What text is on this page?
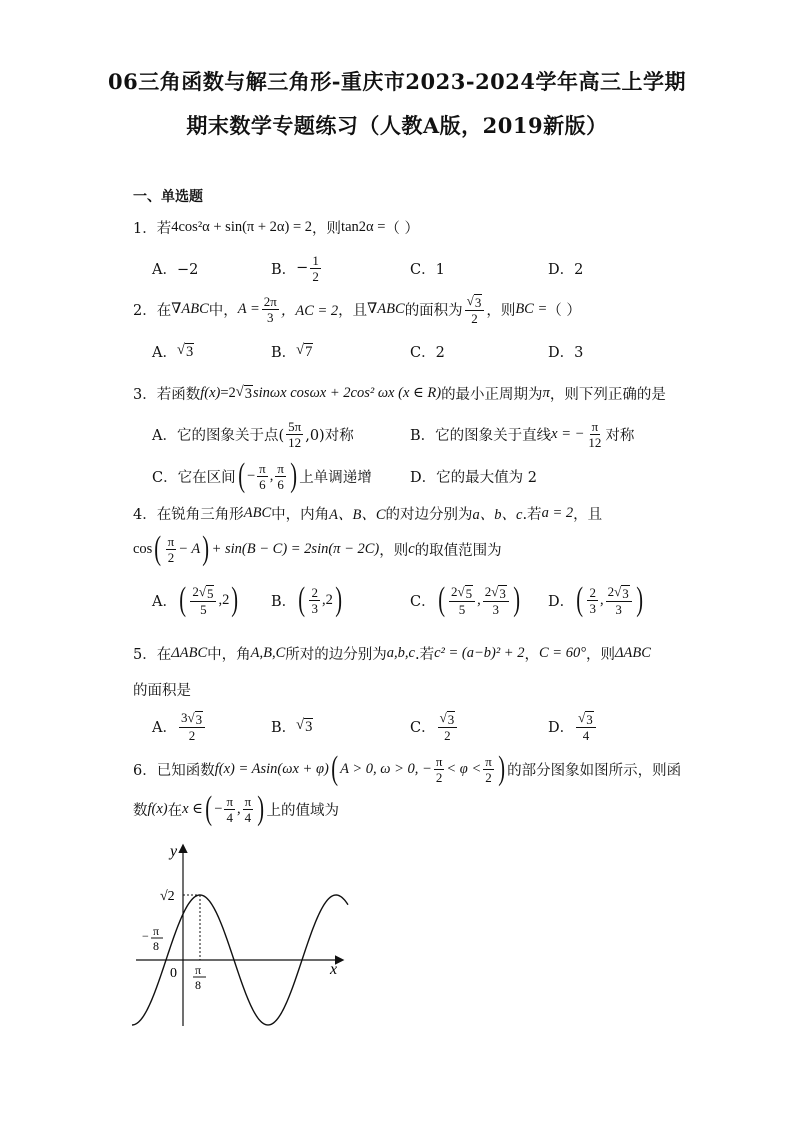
06三角函数与解三角形-重庆市2023-2024学年高三上学期
期末数学专题练习（人教A版，2019新版）
一、单选题
1．若 4cos²α + sin(π + 2α) = 2 ，则 tan2α = （ ）
A．−2	B． − $\frac{1}{2}$	C．1	D．2
2．在 ∇ABC 中， $A = \frac{2\pi}{3}$ ，AC = 2 ，且 ∇ABC 的面积为 $\frac{√ 3}{2}$ ，则 BC = （ ）
A． √ 3	B． √ 7	C．2	D．3
3．若函数 f(x) =2 √ 3 sinωx cosωx + 2cos² ωx (x ∈ R) 的最小正周期为 π ，则下列正确的是
A．它的图象关于点( $\frac{5\pi}{12} ,0$)对称	B．它的图象关于直线 x = − $\frac{\pi}{12}$ 对称
C．它在区间 ( − $\frac{\pi}{6}$ , $\frac{\pi}{6}$ ) 上单调递增	D．它的最大值为 2
4．在锐角三角形 ABC 中，内角 A、B、C 的对边分别为 a、b、c .若 a = 2 ，且
cos ( $\frac{\pi}{2} - A$ ) + sin(B − C) = 2sin(π − 2C) ，则 c 的取值范围为
A． ( $\frac{2√ 5}{5}$ , 2 ) B． ( $\frac{2}{3}$ , 2 )	C． ( $\frac{2√ 5}{5}$ , $\frac{2√ 3}{3}$ ) D． ( $\frac{2}{3}$ , $\frac{2√ 3}{3}$ )
5．在 ΔABC 中，角 A,B,C 所对的边分别为 a,b,c .若 c² = (a−b)² + 2 ， C = 60° ，则 ΔABC
的面积是
A． $\frac{3√ 3}{2}$	B． √ 3	C． $\frac{√ 3}{2}$	D． $\frac{√ 3}{4}$
6．已知函数 f(x) = Asin(ωx + φ) ( A > 0, ω > 0, − $\frac{\pi}{2} < \varphi < \frac{\pi}{2}$ ) 的部分图象如图所示，则函
数 f(x) 在 x ∈ ( − $\frac{\pi}{4}$ , $\frac{\pi}{4}$ ) 上的值域为
y
x
0
√2
− π
8
π
8
